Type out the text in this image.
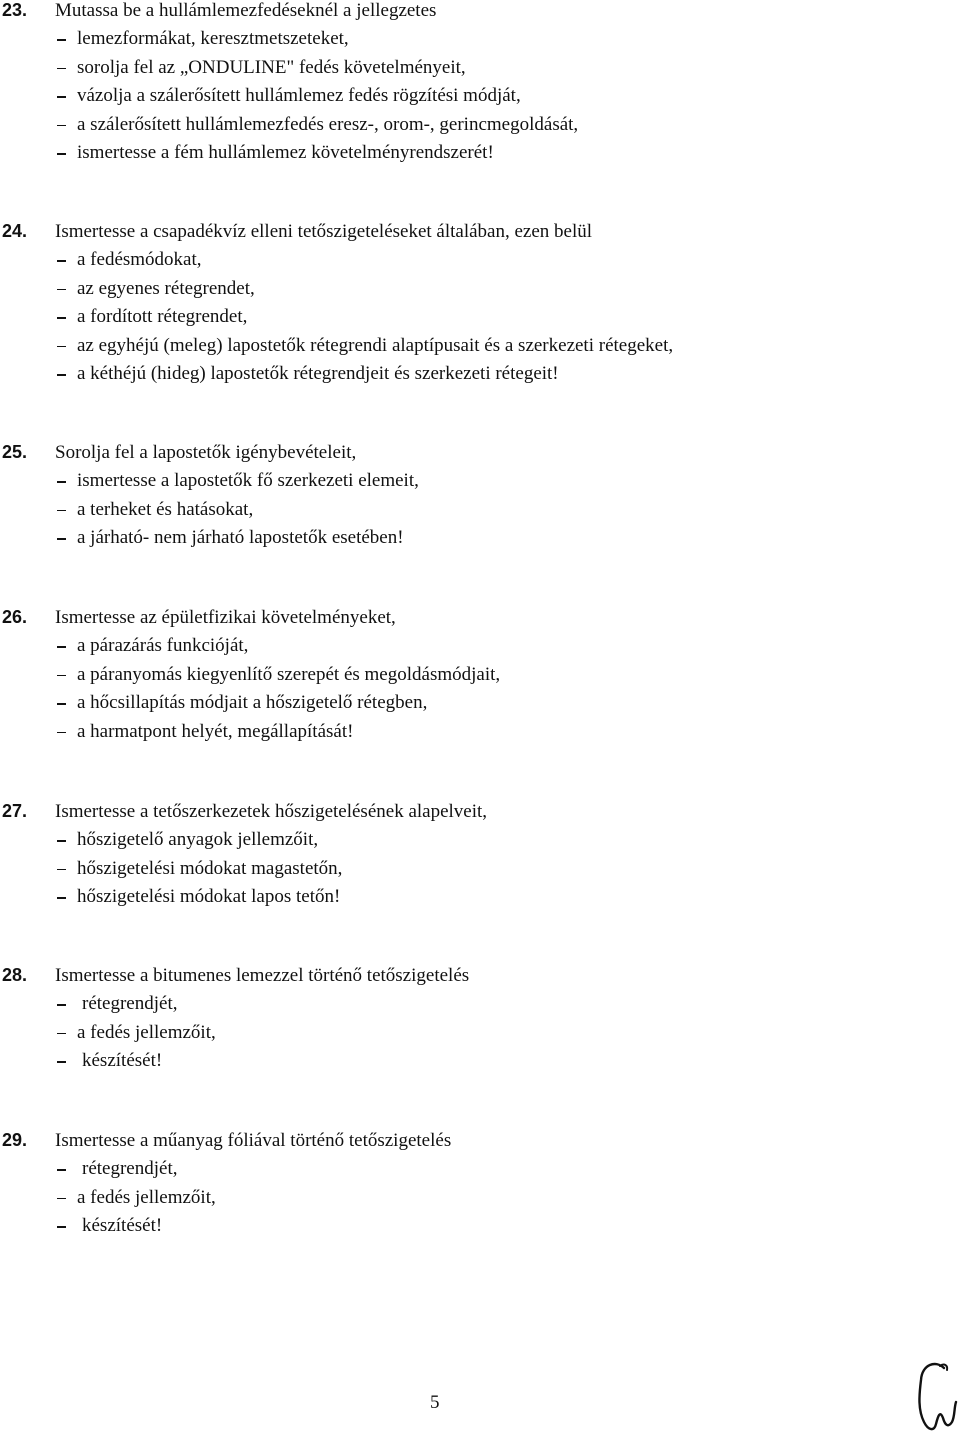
23. Mutassa be a hullámlemezfedéseknél a jellegzetes
lemezformákat, keresztmetszeteket,
sorolja fel az „ONDULINE" fedés követelményeit,
vázolja a szálerősített hullámlemez fedés rögzítési módját,
a szálerősített hullámlemezfedés eresz-, orom-, gerincmegoldását,
ismertesse a fém hullámlemez követelményrendszerét!
24. Ismertesse a csapadékvíz elleni tetőszigeteléseket általában, ezen belül
a fedésmódokat,
az egyenes rétegrendet,
a fordított rétegrendet,
az egyhéjú (meleg) lapostetők rétegrendi alaptípusait és a szerkezeti rétegeket,
a kéthéjú (hideg) lapostetők rétegrendjeit és szerkezeti rétegeit!
25. Sorolja fel a lapostetők igénybevételeit,
ismertesse a lapostetők fő szerkezeti elemeit,
a terheket és hatásokat,
a járható- nem járható lapostetők esetében!
26. Ismertesse az épületfizikai követelményeket,
a párazárás funkcióját,
a páranyomás kiegyenlítő szerepét és megoldásmódjait,
a hőcsillapítás módjait a hőszigetelő rétegben,
a harmatpont helyét, megállapítását!
27. Ismertesse a tetőszerkezetek hőszigetelésének alapelveit,
hőszigetelő anyagok jellemzőit,
hőszigetelési módokat magastetőn,
hőszigetelési módokat lapos tetőn!
28. Ismertesse a bitumenes lemezzel történő tetőszigetelés
rétegrendjét,
a fedés jellemzőit,
készítését!
29. Ismertesse a műanyag fóliával történő tetőszigetelés
rétegrendjét,
a fedés jellemzőit,
készítését!
5
